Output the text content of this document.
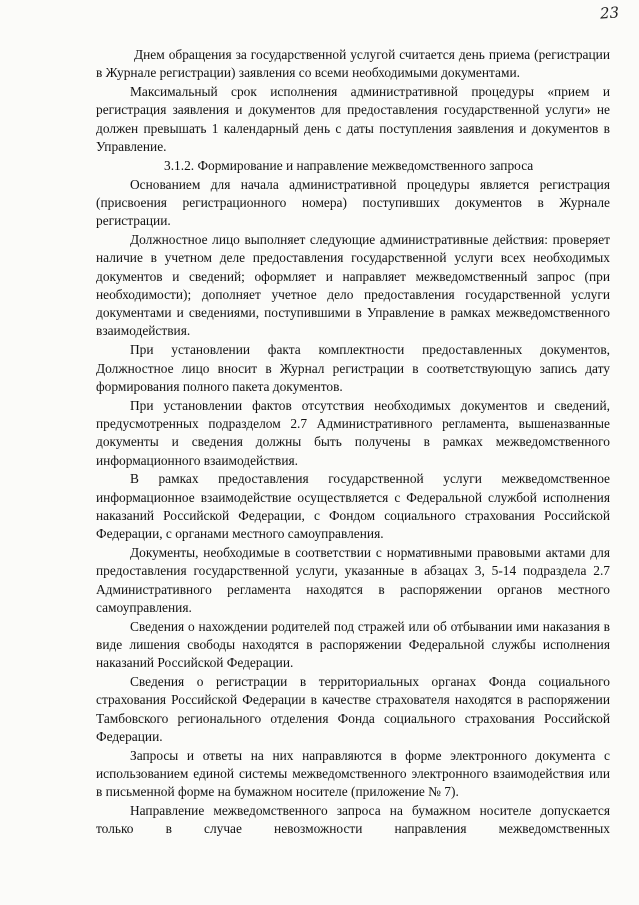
23

Днем обращения за государственной услугой считается день приема (регистрации в Журнале регистрации) заявления со всеми необходимыми документами.

Максимальный срок исполнения административной процедуры «прием и регистрация заявления и документов для предоставления государственной услуги» не должен превышать 1 календарный день с даты поступления заявления и документов в Управление.

3.1.2. Формирование и направление межведомственного запроса

Основанием для начала административной процедуры является регистрация (присвоения регистрационного номера) поступивших документов в Журнале регистрации.

Должностное лицо выполняет следующие административные действия: проверяет наличие в учетном деле предоставления государственной услуги всех необходимых документов и сведений; оформляет и направляет межведомственный запрос (при необходимости); дополняет учетное дело предоставления государственной услуги документами и сведениями, поступившими в Управление в рамках межведомственного взаимодействия.

При установлении факта комплектности предоставленных документов, Должностное лицо вносит в Журнал регистрации в соответствующую запись дату формирования полного пакета документов.

При установлении фактов отсутствия необходимых документов и сведений, предусмотренных подразделом 2.7 Административного регламента, вышеназванные документы и сведения должны быть получены в рамках межведомственного информационного взаимодействия.

В рамках предоставления государственной услуги межведомственное информационное взаимодействие осуществляется с Федеральной службой исполнения наказаний Российской Федерации, с Фондом социального страхования Российской Федерации, с органами местного самоуправления.

Документы, необходимые в соответствии с нормативными правовыми актами для предоставления государственной услуги, указанные в абзацах 3, 5-14 подраздела 2.7 Административного регламента находятся в распоряжении органов местного самоуправления.

Сведения о нахождении родителей под стражей или об отбывании ими наказания в виде лишения свободы находятся в распоряжении Федеральной службы исполнения наказаний Российской Федерации.

Сведения о регистрации в территориальных органах Фонда социального страхования Российской Федерации в качестве страхователя находятся в распоряжении Тамбовского регионального отделения Фонда социального страхования Российской Федерации.

Запросы и ответы на них направляются в форме электронного документа с использованием единой системы межведомственного электронного взаимодействия или в письменной форме на бумажном носителе (приложение № 7).

Направление межведомственного запроса на бумажном носителе допускается только в случае невозможности направления межведомственных
